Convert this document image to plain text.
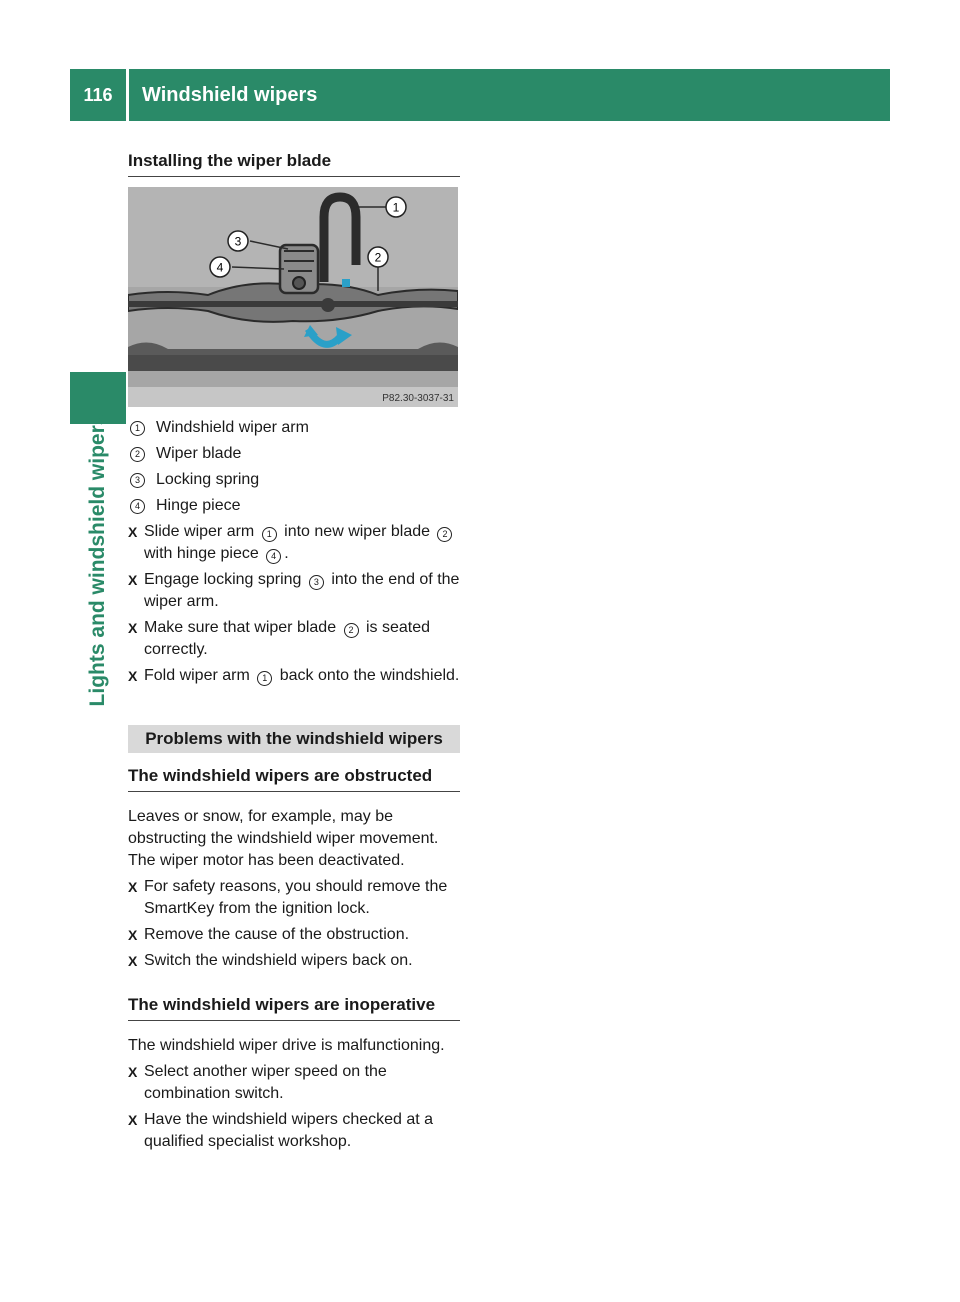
116	Windshield wipers
Lights and windshield wipers
Installing the wiper blade
1
2
3
4
P82.30-3037-31
1	Windshield wiper arm
2	Wiper blade
3	Locking spring
4	Hinge piece
X Slide wiper arm 1 into new wiper blade 2 with hinge piece 4 .
X Engage locking spring 3 into the end of the wiper arm.
X Make sure that wiper blade 2 is seated correctly.
X Fold wiper arm 1 back onto the windshield.
Problems with the windshield wipers
The windshield wipers are obstructed
Leaves or snow, for example, may be obstructing the windshield wiper movement. The wiper motor has been deactivated.
X For safety reasons, you should remove the SmartKey from the ignition lock.
X Remove the cause of the obstruction.
X Switch the windshield wipers back on.
The windshield wipers are inoperative
The windshield wiper drive is malfunctioning.
X Select another wiper speed on the combination switch.
X Have the windshield wipers checked at a qualified specialist workshop.
